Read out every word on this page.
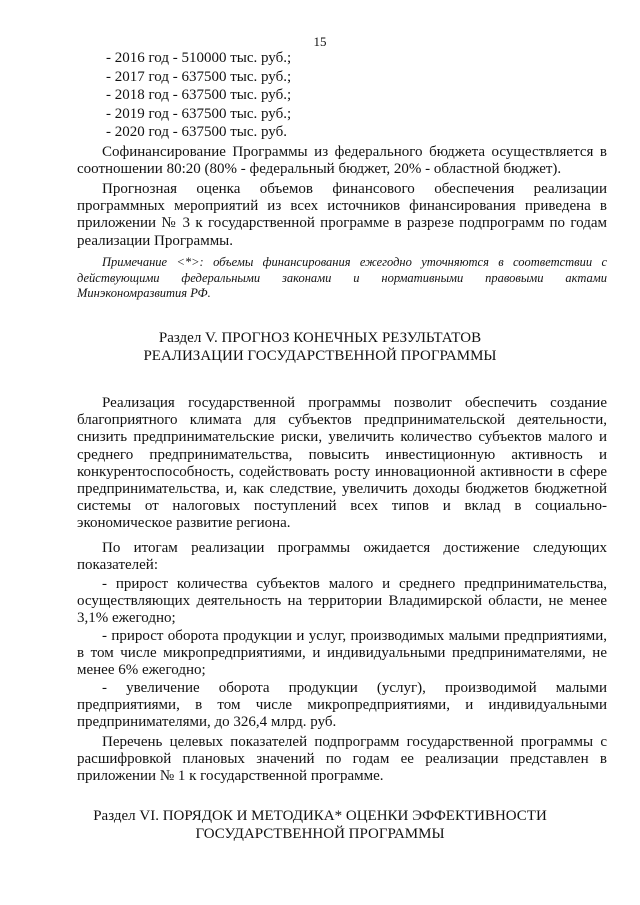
15
- 2016 год - 510000 тыс. руб.;
- 2017 год - 637500 тыс. руб.;
- 2018 год - 637500 тыс. руб.;
- 2019 год - 637500 тыс. руб.;
- 2020 год - 637500 тыс. руб.

Софинансирование Программы из федерального бюджета осуществляется в соотношении 80:20 (80% - федеральный бюджет, 20% - областной бюджет).

Прогнозная оценка объемов финансового обеспечения реализации программных мероприятий из всех источников финансирования приведена в приложении № 3 к государственной программе в разрезе подпрограмм по годам реализации Программы.

Примечание <*>: объемы финансирования ежегодно уточняются в соответствии с действующими федеральными законами и нормативными правовыми актами Минэкономразвития РФ.

Раздел V. ПРОГНОЗ КОНЕЧНЫХ РЕЗУЛЬТАТОВ
РЕАЛИЗАЦИИ ГОСУДАРСТВЕННОЙ ПРОГРАММЫ

Реализация государственной программы позволит обеспечить создание благоприятного климата для субъектов предпринимательской деятельности, снизить предпринимательские риски, увеличить количество субъектов малого и среднего предпринимательства, повысить инвестиционную активность и конкурентоспособность, содействовать росту инновационной активности в сфере предпринимательства, и, как следствие, увеличить доходы бюджетов бюджетной системы от налоговых поступлений всех типов и вклад в социально-экономическое развитие региона.

По итогам реализации программы ожидается достижение следующих показателей:

- прирост количества субъектов малого и среднего предпринимательства, осуществляющих деятельность на территории Владимирской области, не менее 3,1% ежегодно;

- прирост оборота продукции и услуг, производимых малыми предприятиями, в том числе микропредприятиями, и индивидуальными предпринимателями, не менее 6% ежегодно;

- увеличение оборота продукции (услуг), производимой малыми предприятиями, в том числе микропредприятиями, и индивидуальными предпринимателями, до 326,4 млрд. руб.

Перечень целевых показателей подпрограмм государственной программы с расшифровкой плановых значений по годам ее реализации представлен в приложении № 1 к государственной программе.

Раздел VI. ПОРЯДОК И МЕТОДИКА* ОЦЕНКИ ЭФФЕКТИВНОСТИ
ГОСУДАРСТВЕННОЙ ПРОГРАММЫ
